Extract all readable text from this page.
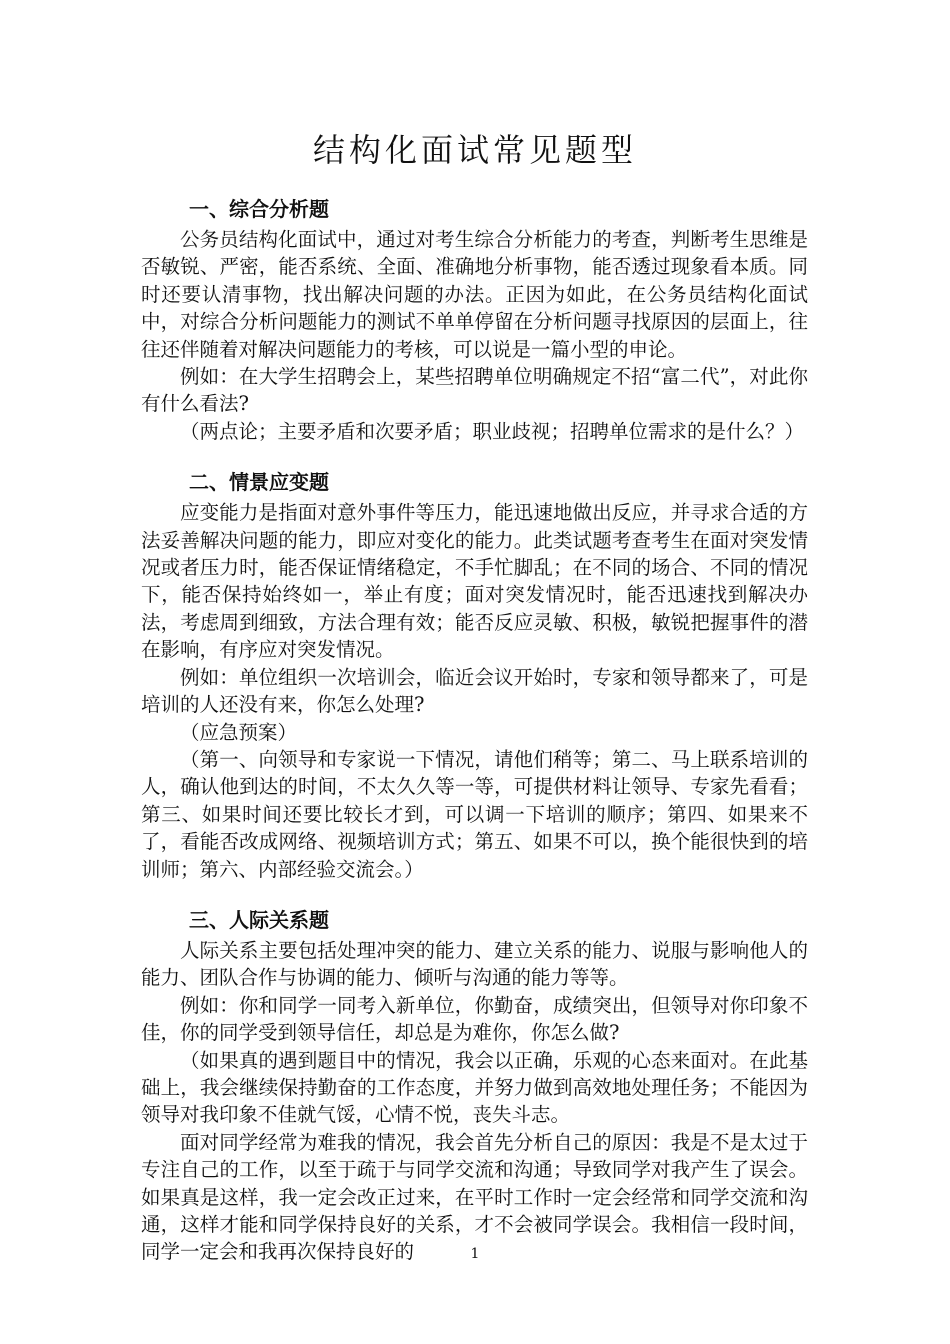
结构化面试常见题型
一、综合分析题

公务员结构化面试中，通过对考生综合分析能力的考查，判断考生思维是否敏锐、严密，能否系统、全面、准确地分析事物，能否透过现象看本质。同时还要认清事物，找出解决问题的办法。正因为如此，在公务员结构化面试中，对综合分析问题能力的测试不单单停留在分析问题寻找原因的层面上，往往还伴随着对解决问题能力的考核，可以说是一篇小型的申论。

例如：在大学生招聘会上，某些招聘单位明确规定不招“富二代”，对此你有什么看法?

（两点论；主要矛盾和次要矛盾；职业歧视；招聘单位需求的是什么？）

二、情景应变题

应变能力是指面对意外事件等压力，能迅速地做出反应，并寻求合适的方法妥善解决问题的能力，即应对变化的能力。此类试题考查考生在面对突发情况或者压力时，能否保证情绪稳定，不手忙脚乱；在不同的场合、不同的情况下，能否保持始终如一，举止有度；面对突发情况时，能否迅速找到解决办法，考虑周到细致，方法合理有效；能否反应灵敏、积极，敏锐把握事件的潜在影响，有序应对突发情况。

例如：单位组织一次培训会，临近会议开始时，专家和领导都来了，可是培训的人还没有来，你怎么处理?

（应急预案）

（第一、向领导和专家说一下情况，请他们稍等；第二、马上联系培训的人，确认他到达的时间，不太久久等一等，可提供材料让领导、专家先看看；第三、如果时间还要比较长才到，可以调一下培训的顺序；第四、如果来不了，看能否改成网络、视频培训方式；第五、如果不可以，换个能很快到的培训师；第六、内部经验交流会。）

三、人际关系题

人际关系主要包括处理冲突的能力、建立关系的能力、说服与影响他人的能力、团队合作与协调的能力、倾听与沟通的能力等等。

例如：你和同学一同考入新单位，你勤奋，成绩突出，但领导对你印象不佳，你的同学受到领导信任，却总是为难你，你怎么做?

（如果真的遇到题目中的情况，我会以正确，乐观的心态来面对。在此基础上，我会继续保持勤奋的工作态度，并努力做到高效地处理任务；不能因为领导对我印象不佳就气馁，心情不悦，丧失斗志。

面对同学经常为难我的情况，我会首先分析自己的原因：我是不是太过于专注自己的工作，以至于疏于与同学交流和沟通；导致同学对我产生了误会。如果真是这样，我一定会改正过来，在平时工作时一定会经常和同学交流和沟通，这样才能和同学保持良好的关系，才不会被同学误会。我相信一段时间，同学一定会和我再次保持良好的	1
